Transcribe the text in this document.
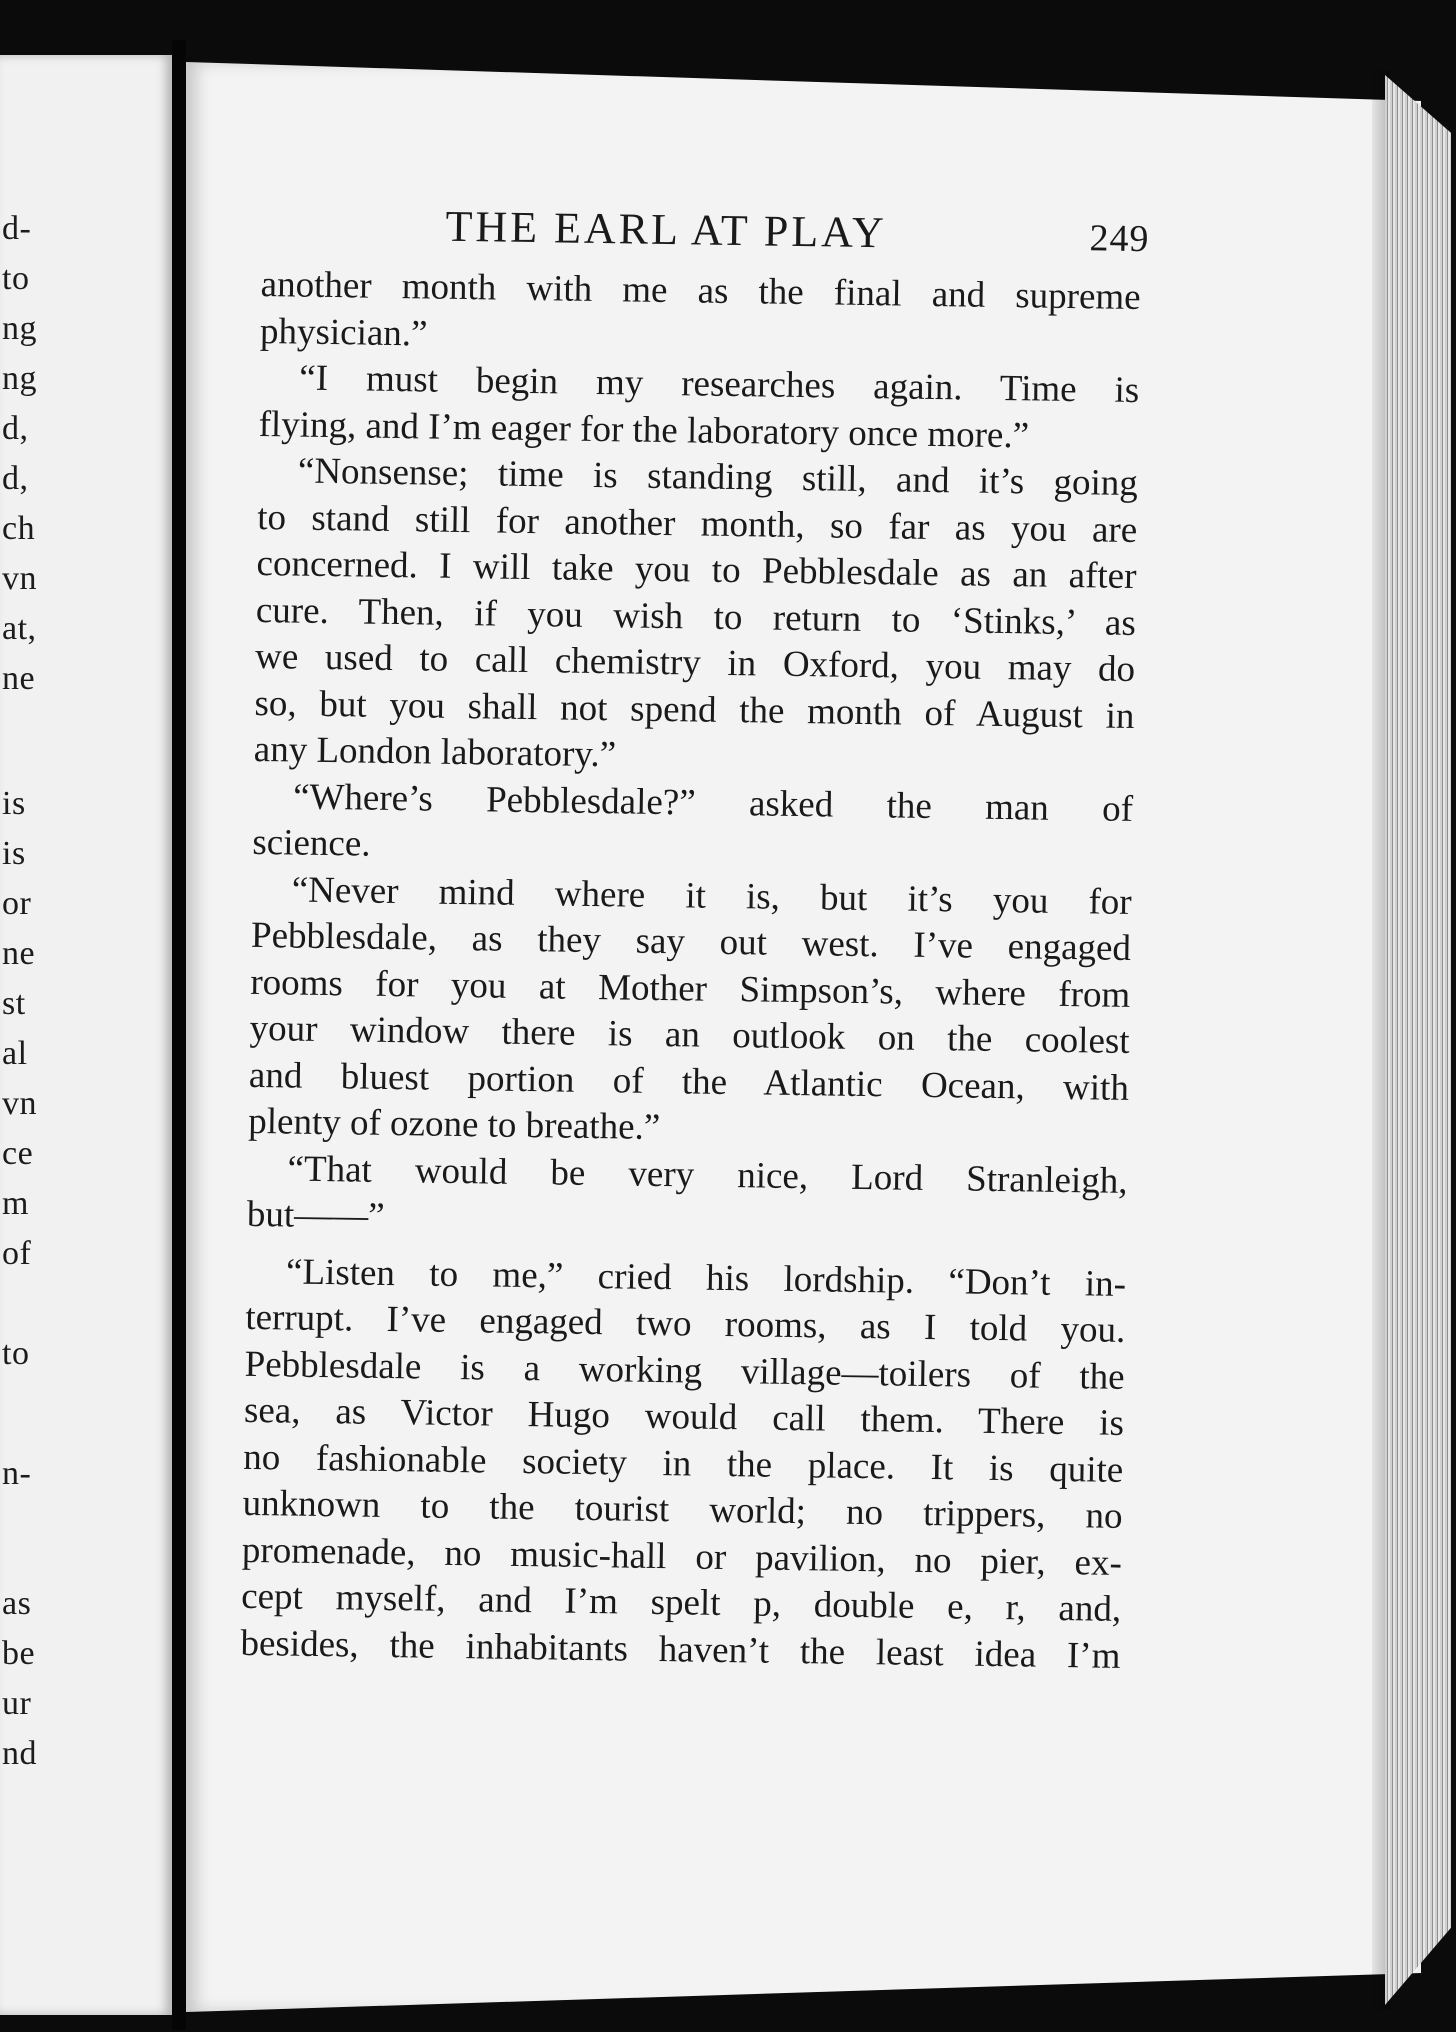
d-
to
ng
ng
d,
d,
ch
vn
at,
ne
is
is
or
ne
st
al
vn
ce
m
of
to
n-
as
be
ur
nd
THE EARL AT PLAY	249
another month with me as the final and supreme
physician.”
“I must begin my researches again. Time is
flying, and I’m eager for the laboratory once more.”
“Nonsense; time is standing still, and it’s going
to stand still for another month, so far as you are
concerned. I will take you to Pebblesdale as an after
cure. Then, if you wish to return to ‘Stinks,’ as
we used to call chemistry in Oxford, you may do
so, but you shall not spend the month of August in
any London laboratory.”
“Where’s Pebblesdale?” asked the man of
science.
“Never mind where it is, but it’s you for
Pebblesdale, as they say out west. I’ve engaged
rooms for you at Mother Simpson’s, where from
your window there is an outlook on the coolest
and bluest portion of the Atlantic Ocean, with
plenty of ozone to breathe.”
“That would be very nice, Lord Stranleigh,
but——”
“Listen to me,” cried his lordship. “Don’t in-
terrupt. I’ve engaged two rooms, as I told you.
Pebblesdale is a working village—toilers of the
sea, as Victor Hugo would call them. There is
no fashionable society in the place. It is quite
unknown to the tourist world; no trippers, no
promenade, no music-hall or pavilion, no pier, ex-
cept myself, and I’m spelt p, double e, r, and,
besides, the inhabitants haven’t the least idea I’m
